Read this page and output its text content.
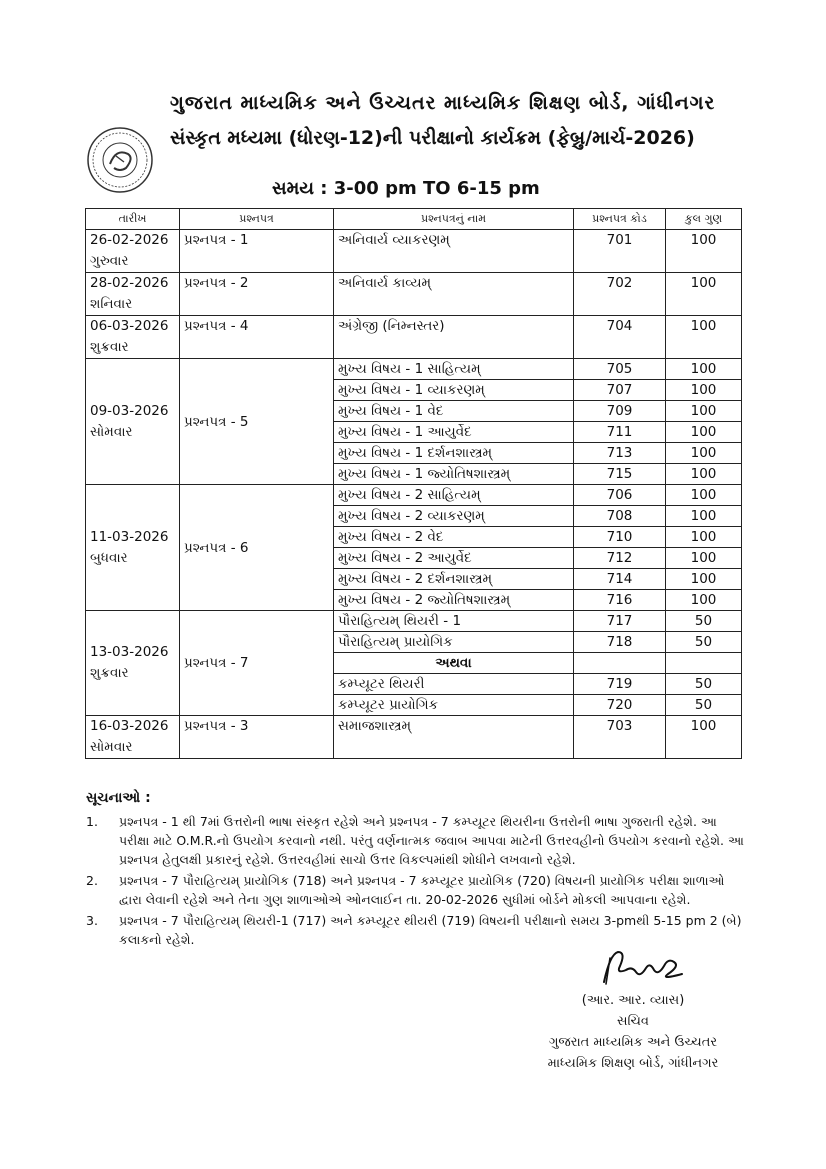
ગુજરાત માધ્યમિક અને ઉચ્ચતર માધ્યમિક શિક્ષણ બોર્ડ, ગાંધીનગર
સંસ્કૃત મધ્યમા (ધોરણ-12)ની પરીક્ષાનો કાર્યક્રમ (ફેબ્રુ/માર્ચ-2026)
સમય : 3-00 pm TO 6-15 pm
તારીખ	પ્રશ્નપત્ર	પ્રશ્નપત્રનું નામ	પ્રશ્નપત્ર કોડ	કુલ ગુણ

26-02-2026
ગુરુવાર	પ્રશ્નપત્ર - 1	અનિવાર્ય વ્યાકરણમ્	701	100

28-02-2026
શનિવાર	પ્રશ્નપત્ર - 2	અનિવાર્ય કાવ્યમ્	702	100

06-03-2026
શુક્રવાર	પ્રશ્નપત્ર - 4	અંગ્રેજી (નિમ્નસ્તર)	704	100

09-03-2026
સોમવાર	પ્રશ્નપત્ર - 5	મુખ્ય વિષય - 1 સાહિત્યમ્	705	100
		મુખ્ય વિષય - 1 વ્યાકરણમ્	707	100
		મુખ્ય વિષય - 1 વેદ	709	100
		મુખ્ય વિષય - 1 આયુર્વેદ	711	100
		મુખ્ય વિષય - 1 દર્શનશાસ્ત્રમ્	713	100
		મુખ્ય વિષય - 1 જ્યોતિષશાસ્ત્રમ્	715	100

11-03-2026
બુધવાર	પ્રશ્નપત્ર - 6	મુખ્ય વિષય - 2 સાહિત્યમ્	706	100
		મુખ્ય વિષય - 2 વ્યાકરણમ્	708	100
		મુખ્ય વિષય - 2 વેદ	710	100
		મુખ્ય વિષય - 2 આયુર્વેદ	712	100
		મુખ્ય વિષય - 2 દર્શનશાસ્ત્રમ્	714	100
		મુખ્ય વિષય - 2 જ્યોતિષશાસ્ત્રમ્	716	100

13-03-2026
શુક્રવાર	પ્રશ્નપત્ર - 7	પૌરાહિત્યમ્ થિયરી - 1	717	50
		પૌરાહિત્યમ્ પ્રાયોગિક	718	50
		અથવા		
		કમ્પ્યૂટર થિયરી	719	50
		કમ્પ્યૂટર પ્રાયોગિક	720	50

16-03-2026
સોમવાર	પ્રશ્નપત્ર - 3	સમાજશાસ્ત્રમ્	703	100
સૂચનાઓ :
1. પ્રશ્નપત્ર - 1 થી 7માં ઉત્તરોની ભાષા સંસ્કૃત રહેશે અને પ્રશ્નપત્ર - 7 કમ્પ્યૂટર થિયરીના ઉત્તરોની ભાષા ગુજરાતી રહેશે. આ પરીક્ષા માટે O.M.R.નો ઉપયોગ કરવાનો નથી. પરંતુ વર્ણનાત્મક જવાબ આપવા માટેની ઉત્તરવહીનો ઉપયોગ કરવાનો રહેશે. આ પ્રશ્નપત્ર હેતુલક્ષી પ્રકારનું રહેશે. ઉત્તરવહીમાં સાચો ઉત્તર વિકલ્પમાંથી શોધીને લખવાનો રહેશે.
2. પ્રશ્નપત્ર - 7 પૌરાહિત્યમ્ પ્રાયોગિક (718) અને પ્રશ્નપત્ર - 7 કમ્પ્યૂટર પ્રાયોગિક (720) વિષયની પ્રાયોગિક પરીક્ષા શાળાઓ દ્વારા લેવાની રહેશે અને તેના ગુણ શાળાઓએ ઓનલાઈન તા. 20-02-2026 સુધીમાં બોર્ડને મોકલી આપવાના રહેશે.
3. પ્રશ્નપત્ર - 7 પૌરાહિત્યમ્ થિયરી-1 (717) અને કમ્પ્યૂટર થીયરી (719) વિષયની પરીક્ષાનો સમય 3-pmથી 5-15 pm 2 (બે) કલાકનો રહેશે.
(આર. આર. વ્યાસ)
સચિવ
ગુજરાત માધ્યમિક અને ઉચ્ચતર
માધ્યમિક શિક્ષણ બોર્ડ, ગાંધીનગર
